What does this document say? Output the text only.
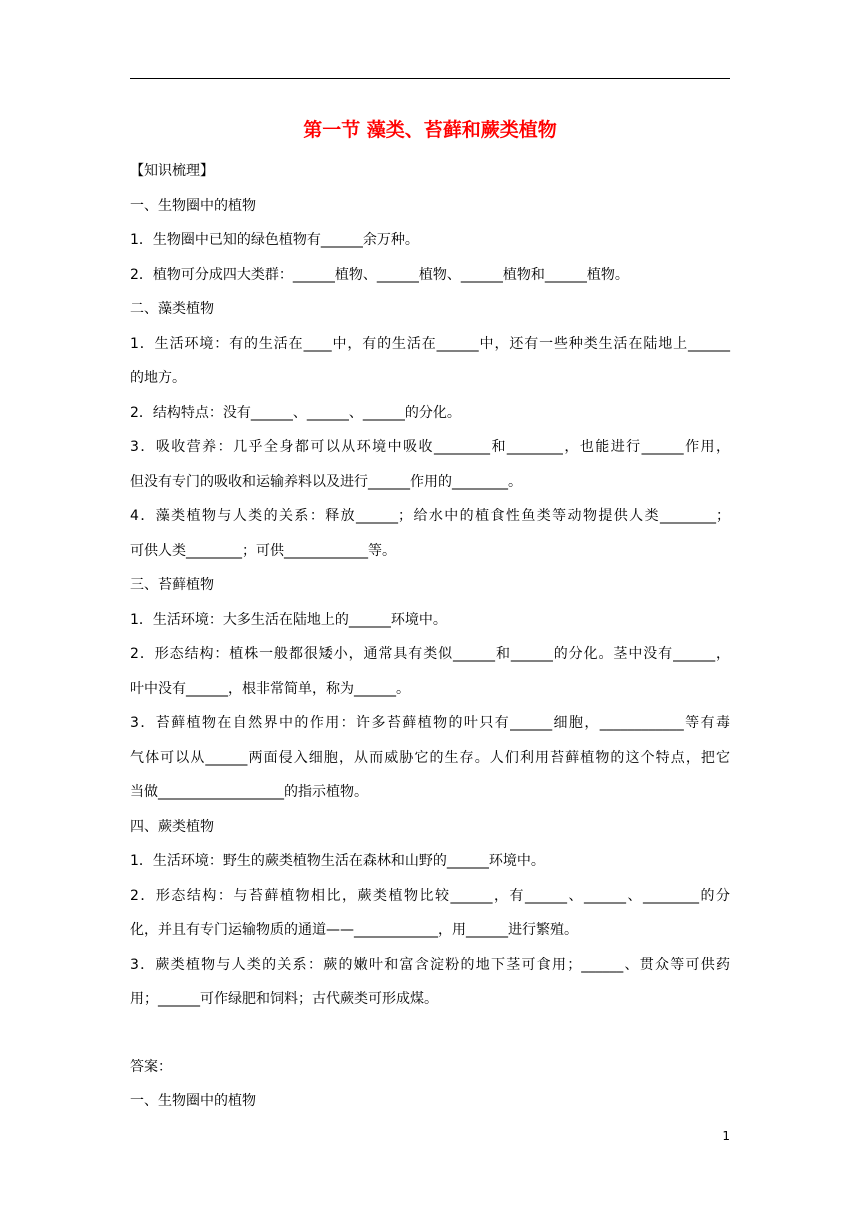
第一节 藻类、苔藓和蕨类植物
【知识梳理】
一、生物圈中的植物
1．生物圈中已知的绿色植物有______余万种。
2．植物可分成四大类群：______植物、______植物、______植物和______植物。
二、藻类植物
1．生活环境：有的生活在____中，有的生活在______中，还有一些种类生活在陆地上______
的地方。
2．结构特点：没有______、______、______的分化。
3．吸收营养：几乎全身都可以从环境中吸收________和________，也能进行______作用，
但没有专门的吸收和运输养料以及进行______作用的________。
4．藻类植物与人类的关系：释放______；给水中的植食性鱼类等动物提供人类________；
可供人类________；可供____________等。
三、苔藓植物
1．生活环境：大多生活在陆地上的______环境中。
2．形态结构：植株一般都很矮小，通常具有类似______和______的分化。茎中没有______，
叶中没有______，根非常简单，称为______。
3．苔藓植物在自然界中的作用：许多苔藓植物的叶只有______细胞，____________等有毒
气体可以从______两面侵入细胞，从而威胁它的生存。人们利用苔藓植物的这个特点，把它
当做__________________的指示植物。
四、蕨类植物
1．生活环境：野生的蕨类植物生活在森林和山野的______环境中。
2．形态结构：与苔藓植物相比，蕨类植物比较______，有______、______、________的分
化，并且有专门运输物质的通道——____________，用______进行繁殖。
3．蕨类植物与人类的关系：蕨的嫩叶和富含淀粉的地下茎可食用；______、贯众等可供药
用；______可作绿肥和饲料；古代蕨类可形成煤。
答案：
一、生物圈中的植物
1
